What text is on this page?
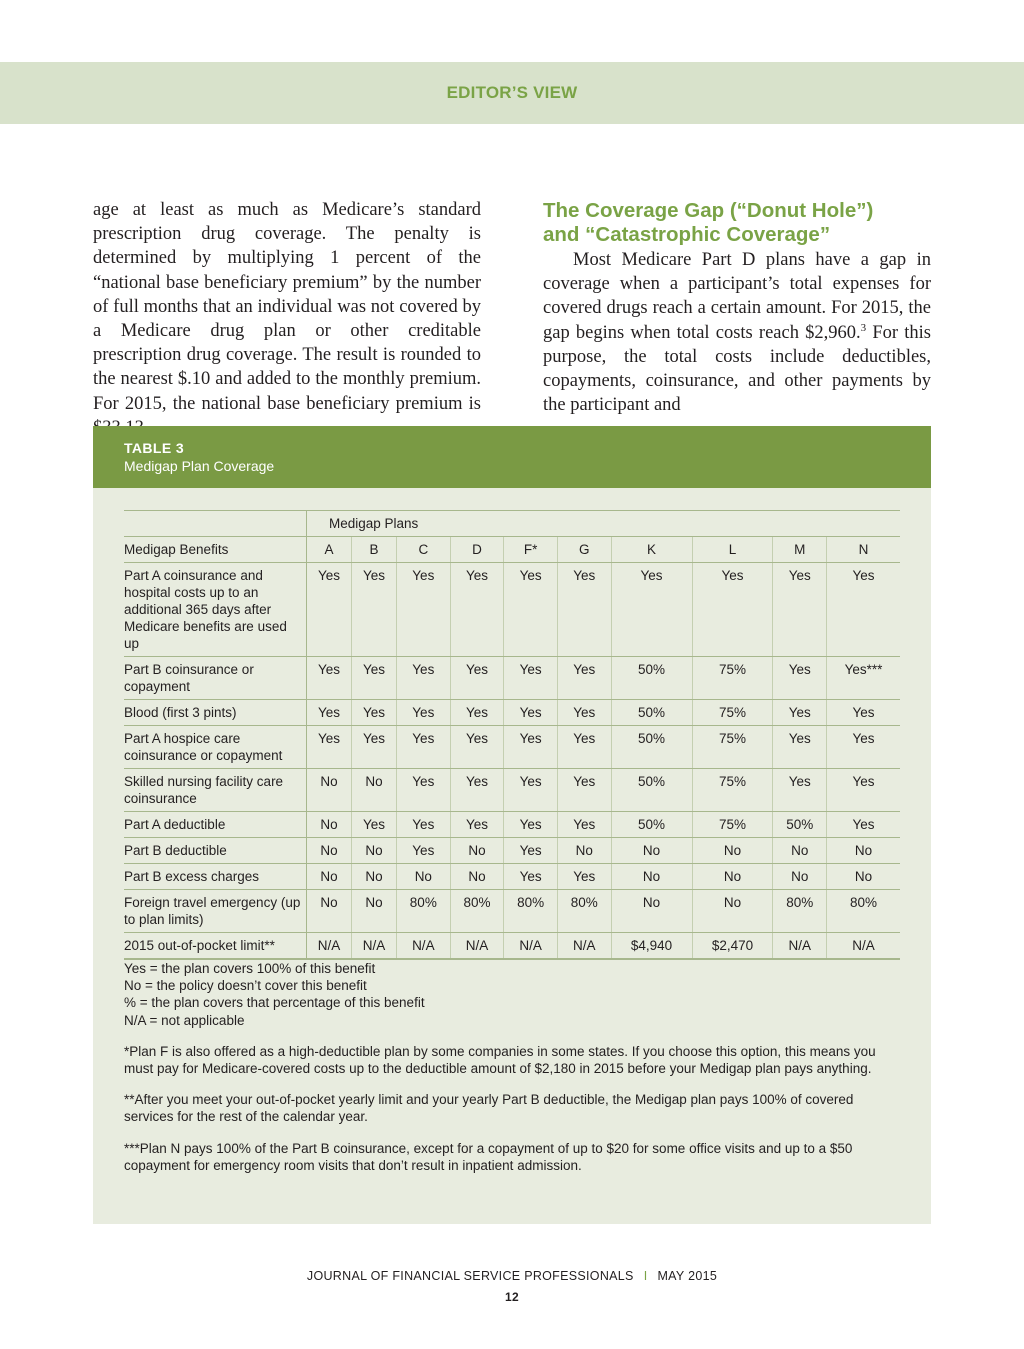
EDITOR’S VIEW

age at least as much as Medicare’s standard prescription drug coverage. The penalty is determined by multiplying 1 percent of the “national base beneficiary premium” by the number of full months that an individual was not covered by a Medicare drug plan or other creditable prescription drug coverage. The result is rounded to the nearest $.10 and added to the monthly premium. For 2015, the national base beneficiary premium is

The Coverage Gap (“Donut Hole”)
and “Catastrophic Coverage”

Most Medicare Part D plans have a gap in coverage when a participant’s total expenses for covered drugs reach a certain amount. For 2015, the gap begins when total costs reach $2,960.$^3$ For this purpose, the total costs include deductibles, copayments, coinsurance, and other payments by the participant and

TABLE 3
Medigap Plan Coverage
	Medigap Plans									
Medigap Benefits	A	B	C	D	F*	G	K	L	M	N
Part A coinsurance and hospital costs up to an additional 365 days after Medicare benefits are used up	Yes	Yes	Yes	Yes	Yes	Yes	Yes	Yes	Yes	Yes
Part B coinsurance or copayment	Yes	Yes	Yes	Yes	Yes	Yes	50%	75%	Yes	Yes***
Blood (first 3 pints)	Yes	Yes	Yes	Yes	Yes	Yes	50%	75%	Yes	Yes
Part A hospice care coinsurance or copayment	Yes	Yes	Yes	Yes	Yes	Yes	50%	75%	Yes	Yes
Skilled nursing facility care coinsurance	No	No	Yes	Yes	Yes	Yes	50%	75%	Yes	Yes
Part A deductible	No	Yes	Yes	Yes	Yes	Yes	50%	75%	50%	Yes
Part B deductible	No	No	Yes	No	Yes	No	No	No	No	No
Part B excess charges	No	No	No	No	Yes	Yes	No	No	No	No
Foreign travel emergency (up to plan limits)	No	No	80%	80%	80%	80%	No	No	80%	80%
2015 out-of-pocket limit**	N/A	N/A	N/A	N/A	N/A	N/A	$4,940	$2,470	N/A	N/A
Yes = the plan covers 100% of this benefit
No = the policy doesn’t cover this benefit
% = the plan covers that percentage of this benefit
N/A = not applicable

*Plan F is also offered as a high-deductible plan by some companies in some states. If you choose this option, this means you must pay for Medicare-covered costs up to the deductible amount of $2,180 in 2015 before your Medigap plan pays anything.

**After you meet your out-of-pocket yearly limit and your yearly Part B deductible, the Medigap plan pays 100% of covered services for the rest of the calendar year.

***Plan N pays 100% of the Part B coinsurance, except for a copayment of up to $20 for some office visits and up to a $50 copayment for emergency room visits that don’t result in inpatient admission.

JOURNAL OF FINANCIAL SERVICE PROFESSIONALS I MAY 2015
12
